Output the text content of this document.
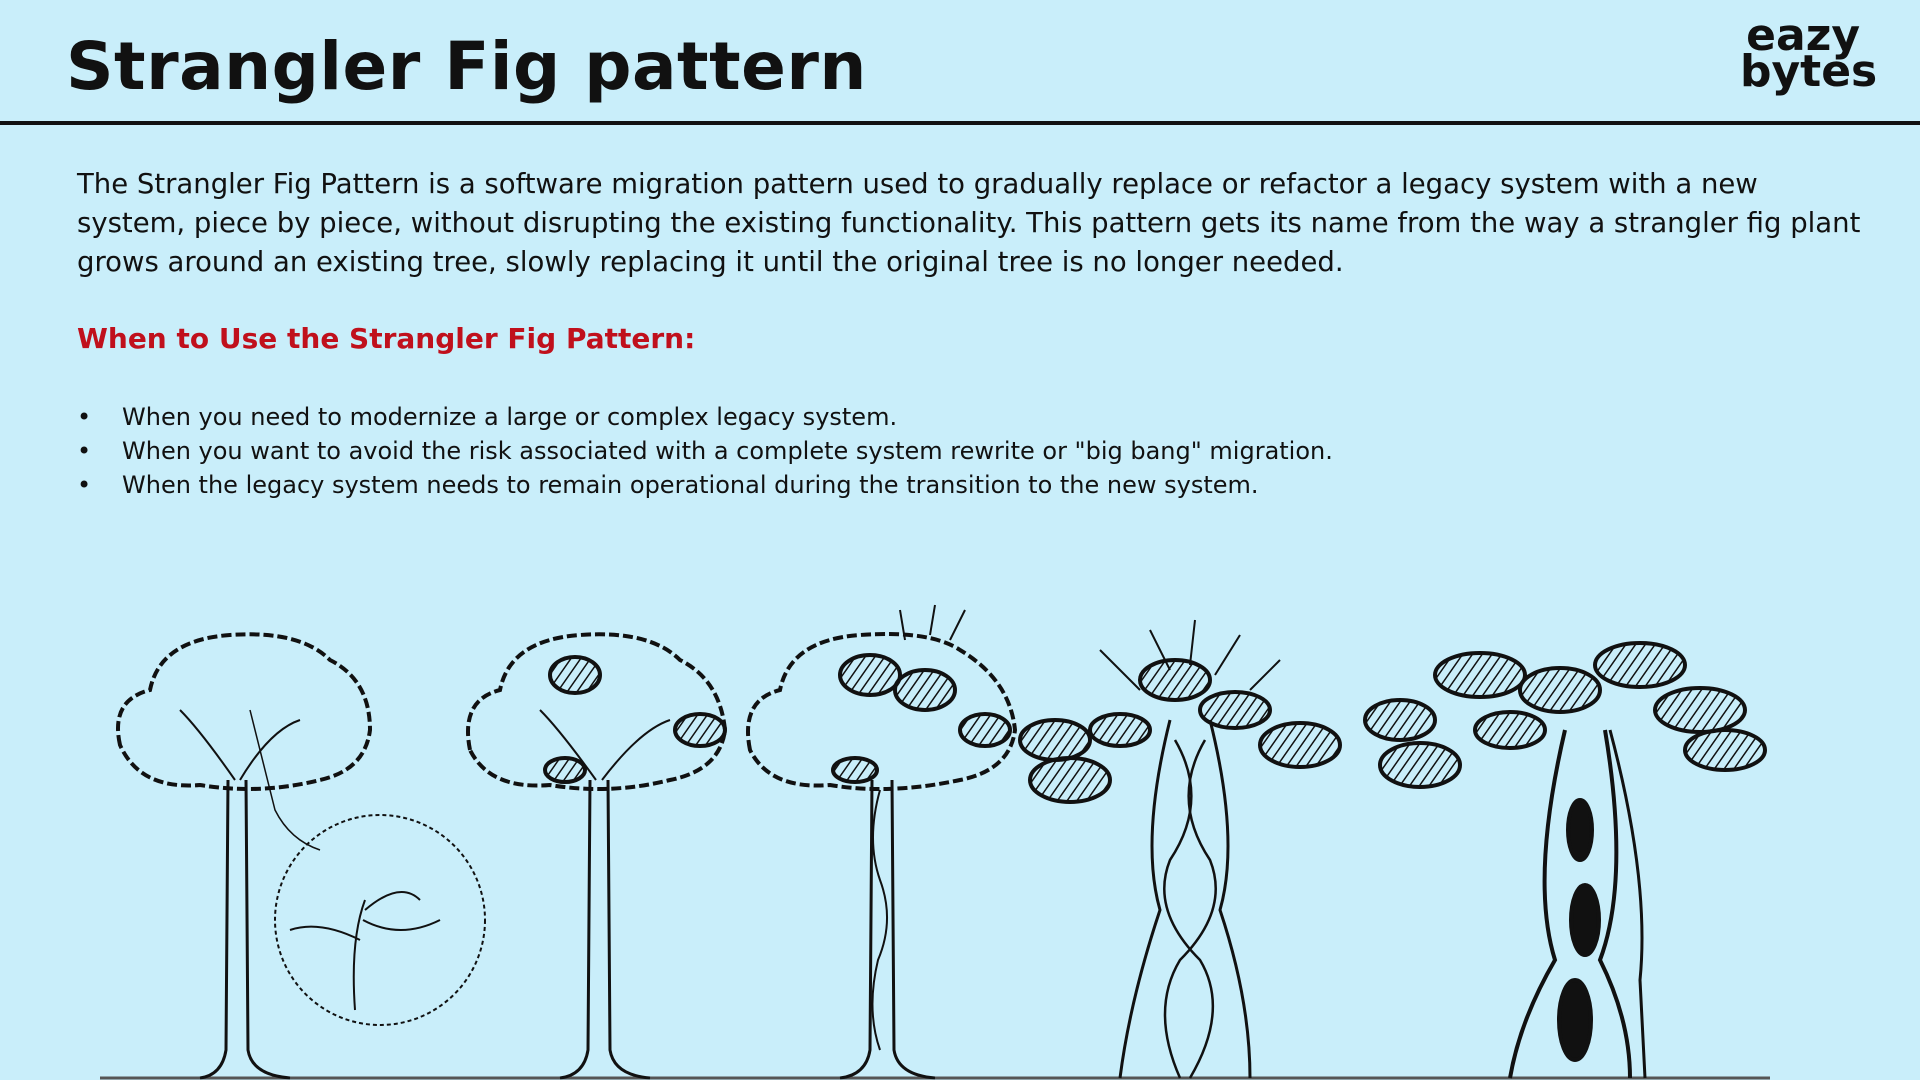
Strangler Fig pattern	eazy
bytes

The Strangler Fig Pattern is a software migration pattern used to gradually replace or refactor a legacy system with a new system, piece by piece, without disrupting the existing functionality. This pattern gets its name from the way a strangler fig plant grows around an existing tree, slowly replacing it until the original tree is no longer needed.

When to Use the Strangler Fig Pattern:
• When you need to modernize a large or complex legacy system.
• When you want to avoid the risk associated with a complete system rewrite or "big bang" migration.
• When the legacy system needs to remain operational during the transition to the new system.
